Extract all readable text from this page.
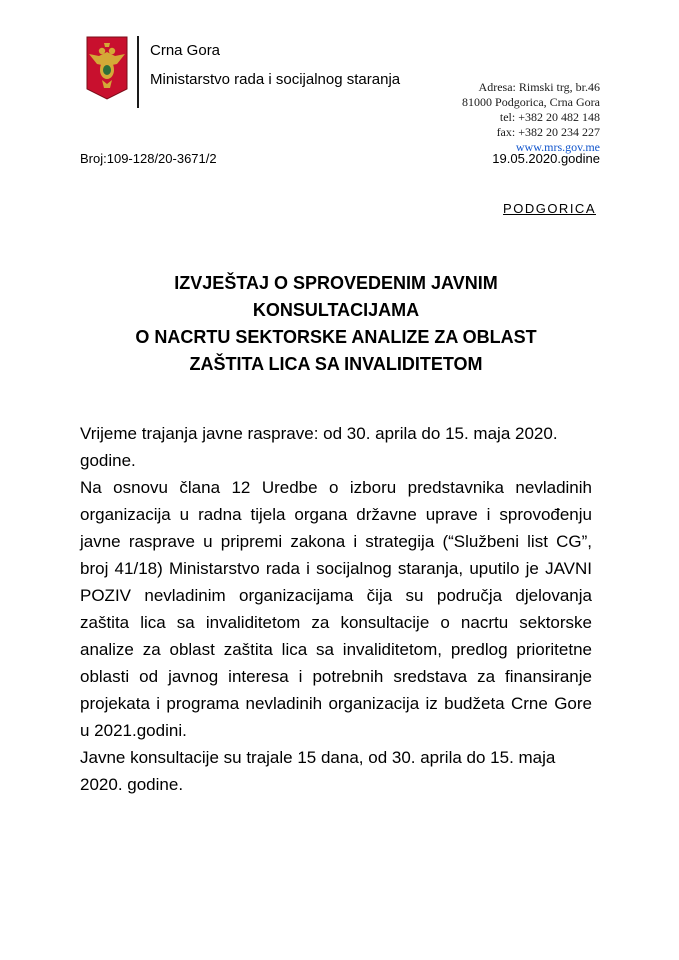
Crna Gora
Ministarstvo rada i socijalnog staranja	Adresa: Rimski trg, br.46
81000 Podgorica, Crna Gora
tel: +382 20 482 148
fax: +382 20 234 227
www.mrs.gov.me
Broj:109-128/20-3671/2	19.05.2020.godine
PODGORICA
IZVJEŠTAJ O SPROVEDENIM JAVNIM
KONSULTACIJAMA
O NACRTU SEKTORSKE ANALIZE ZA OBLAST
ZAŠTITA LICA SA INVALIDITETOM

Vrijeme trajanja javne rasprave: od 30. aprila do 15. maja 2020. godine.

Na osnovu člana 12 Uredbe o izboru predstavnika nevladinih organizacija u radna tijela organa državne uprave i sprovođenju javne rasprave u pripremi zakona i strategija (“Službeni list CG”, broj 41/18) Ministarstvo rada i socijalnog staranja, uputilo je JAVNI POZIV nevladinim organizacijama čija su područja djelovanja zaštita lica sa invaliditetom za konsultacije o nacrtu sektorske analize za oblast zaštita lica sa invaliditetom, predlog prioritetne oblasti od javnog interesa i potrebnih sredstava za finansiranje projekata i programa nevladinih organizacija iz budžeta Crne Gore u 2021.godini.

Javne konsultacije su trajale 15 dana, od 30. aprila do 15. maja 2020. godine.
